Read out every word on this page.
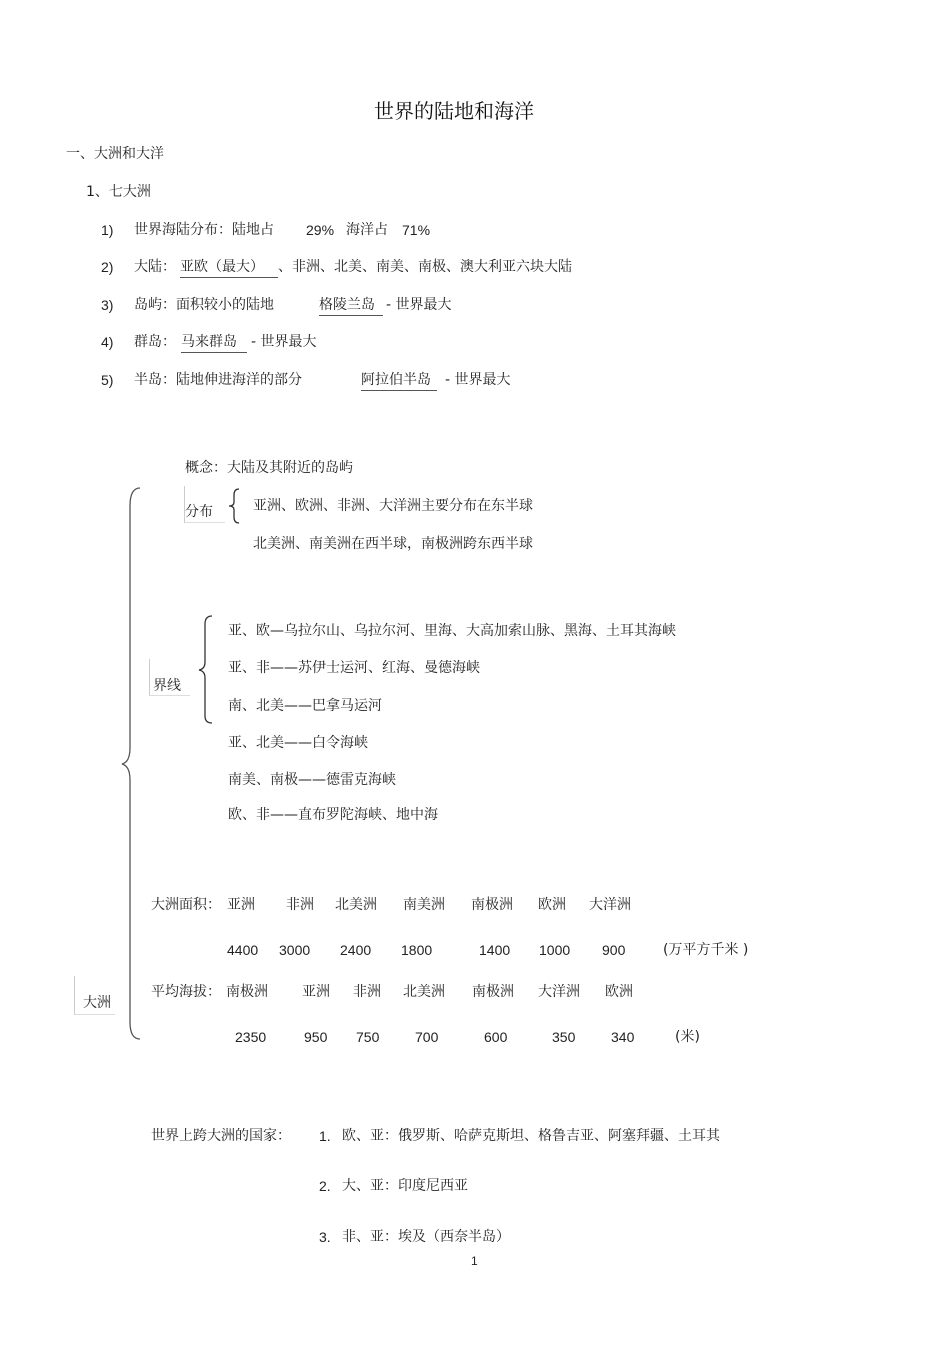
世界的陆地和海洋
一、大洲和大洋
1、七大洲
1) 世界海陆分布：陆地占 29% 海洋占 71%
2) 大陆： 亚欧（最大）	、非洲、北美、南美、南极、澳大利亚六块大陆
3) 岛屿：面积较小的陆地	格陵兰岛 - 世界最大
4) 群岛： 马来群岛	- 世界最大
5) 半岛：陆地伸进海洋的部分	阿拉伯半岛	- 世界最大
大洲
概念：大陆及其附近的岛屿
分布	亚洲、欧洲、非洲、大洋洲主要分布在东半球
北美洲、南美洲在西半球，南极洲跨东西半球
界线
亚、欧—乌拉尔山、乌拉尔河、里海、大高加索山脉、黑海、土耳其海峡
亚、非——苏伊士运河、红海、曼德海峡
南、北美——巴拿马运河
亚、北美——白令海峡
南美、南极——德雷克海峡
欧、非——直布罗陀海峡、地中海
大洲面积： 亚洲 非洲 北美洲 南美洲 南极洲 欧洲 大洋洲
4400 3000 2400 1800	1400 1000 900	(万平方千米 )
平均海拔： 南极洲 亚洲 非洲 北美洲 南极洲 大洋洲 欧洲
2350	950 750	700	600	350	340	(米)
世界上跨大洲的国家： 1. 欧、亚：俄罗斯、哈萨克斯坦、格鲁吉亚、阿塞拜疆、土耳其
2. 大、亚：印度尼西亚
3. 非、亚：埃及（西奈半岛）
1
